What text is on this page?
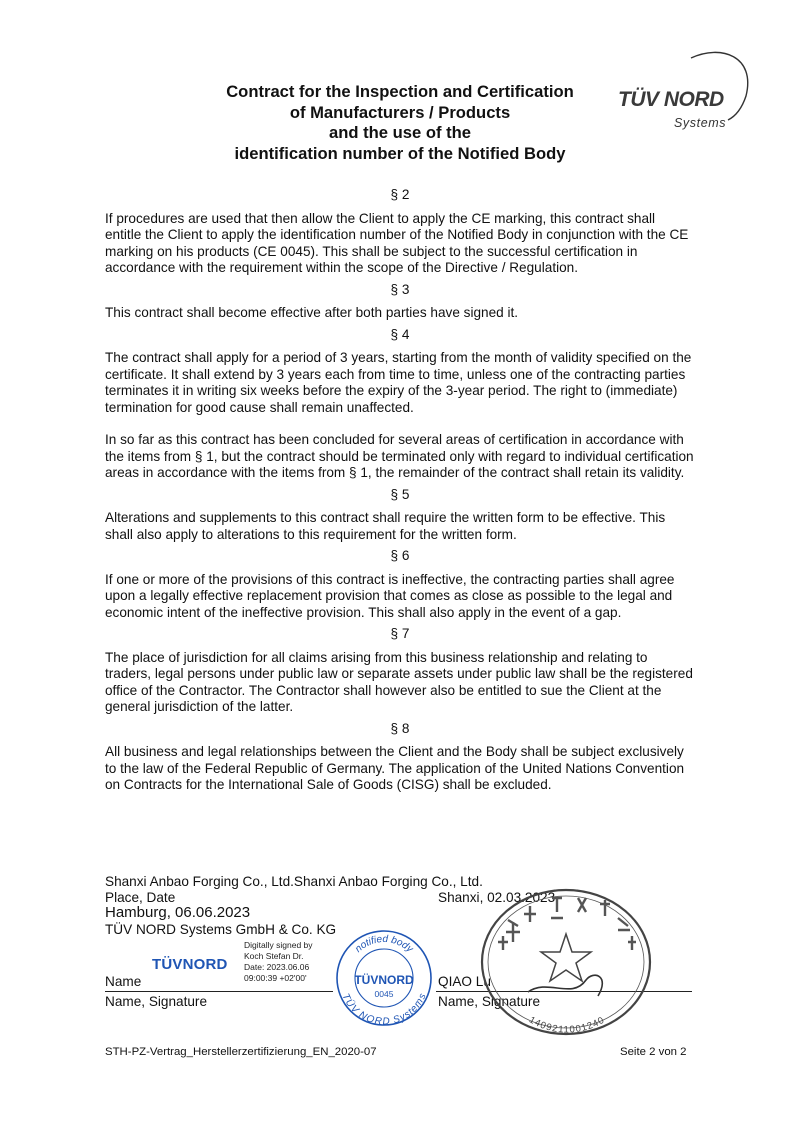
Contract for the Inspection and Certification
of Manufacturers / Products
and the use of the
identification number of the Notified Body
TÜV NORD
Systems
§ 2
If procedures are used that then allow the Client to apply the CE marking, this contract shall entitle the Client to apply the identification number of the Notified Body in conjunction with the CE marking on his products (CE 0045). This shall be subject to the successful certification in accordance with the requirement within the scope of the Directive / Regulation.
§ 3
This contract shall become effective after both parties have signed it.
§ 4
The contract shall apply for a period of 3 years, starting from the month of validity specified on the certificate. It shall extend by 3 years each from time to time, unless one of the contracting parties terminates it in writing six weeks before the expiry of the 3-year period. The right to (immediate) termination for good cause shall remain unaffected.
In so far as this contract has been concluded for several areas of certification in accordance with the items from § 1, but the contract should be terminated only with regard to individual certification areas in accordance with the items from § 1, the remainder of the contract shall retain its validity.
§ 5
Alterations and supplements to this contract shall require the written form to be effective. This shall also apply to alterations to this requirement for the written form.
§ 6
If one or more of the provisions of this contract is ineffective, the contracting parties shall agree upon a legally effective replacement provision that comes as close as possible to the legal and economic intent of the ineffective provision. This shall also apply in the event of a gap.
§ 7
The place of jurisdiction for all claims arising from this business relationship and relating to traders, legal persons under public law or separate assets under public law shall be the registered office of the Contractor. The Contractor shall however also be entitled to sue the Client at the general jurisdiction of the latter.
§ 8
All business and legal relationships between the Client and the Body shall be subject exclusively to the law of the Federal Republic of Germany. The application of the United Nations Convention on Contracts for the International Sale of Goods (CISG) shall be excluded.
Shanxi Anbao Forging Co., Ltd.Shanxi Anbao Forging Co., Ltd.
Place, Date	Shanxi, 02.03.2023
Hamburg, 06.06.2023
TÜV NORD Systems GmbH & Co. KG
TÜVNORD
Digitally signed by
Koch Stefan Dr.
Date: 2023.06.06
09:00:39 +02'00'
Name	QIAO Lu
Name, Signature	Name, Signature
notified body
TÜVNORD
0045
TÜV NORD Systems
1409211001240
STH-PZ-Vertrag_Herstellerzertifizierung_EN_2020-07	Seite 2 von 2
